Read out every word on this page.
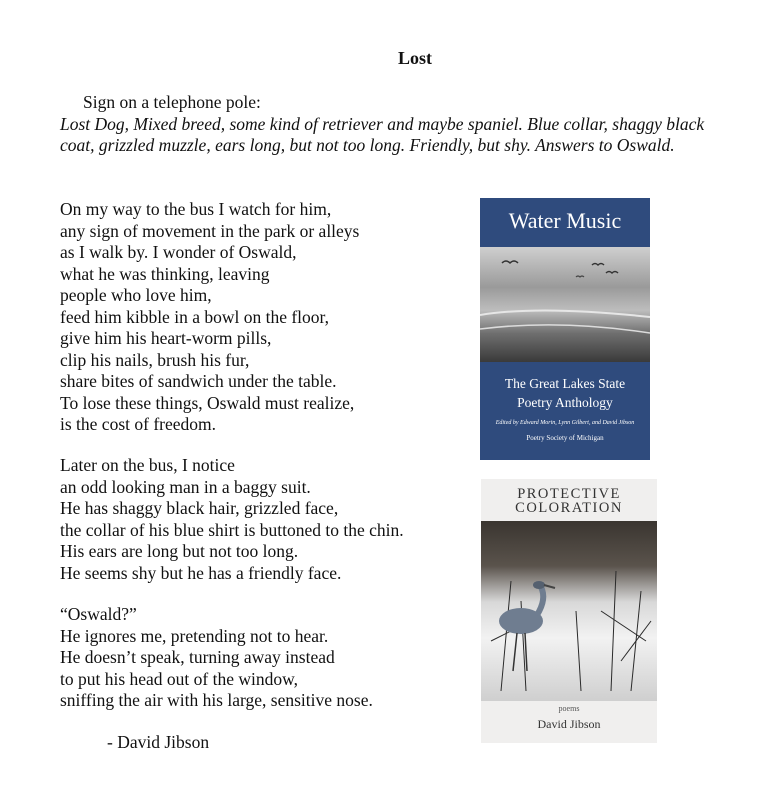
Lost
Sign on a telephone pole:
Lost Dog, Mixed breed, some kind of retriever and maybe spaniel. Blue collar, shaggy black coat, grizzled muzzle, ears long, but not too long. Friendly, but shy. Answers to Oswald.
On my way to the bus I watch for him,
any sign of movement in the park or alleys
as I walk by. I wonder of Oswald,
what he was thinking, leaving
people who love him,
feed him kibble in a bowl on the floor,
give him his heart-worm pills,
clip his nails, brush his fur,
share bites of sandwich under the table.
To lose these things, Oswald must realize,
is the cost of freedom.
Later on the bus, I notice
an odd looking man in a baggy suit.
He has shaggy black hair, grizzled face,
the collar of his blue shirt is buttoned to the chin.
His ears are long but not too long.
He seems shy but he has a friendly face.
“Oswald?”
He ignores me, pretending not to hear.
He doesn’t speak, turning away instead
to put his head out of the window,
sniffing the air with his large, sensitive nose.
- David Jibson
Water Music
The Great Lakes State
Poetry Anthology
Edited by Edward Morin, Lynn Gilbert, and David Jibson
Poetry Society of Michigan
PROTECTIVE
COLORATION
poems
David Jibson
